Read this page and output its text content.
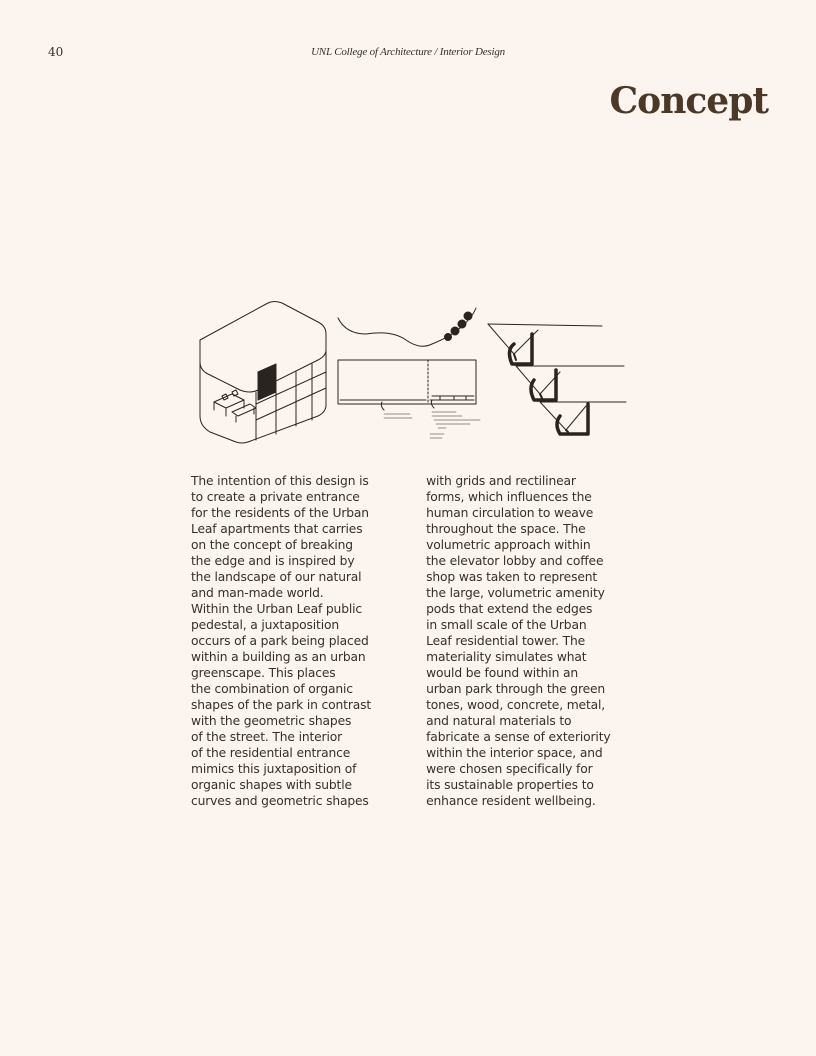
40	UNL College of Architecture / Interior Design
Concept

The intention of this design is
to create a private entrance
for the residents of the Urban
Leaf apartments that carries
on the concept of breaking
the edge and is inspired by
the landscape of our natural
and man-made world.
Within the Urban Leaf public
pedestal, a juxtaposition
occurs of a park being placed
within a building as an urban
greenscape. This places
the combination of organic
shapes of the park in contrast
with the geometric shapes
of the street. The interior
of the residential entrance
mimics this juxtaposition of
organic shapes with subtle
curves and geometric shapes

with grids and rectilinear
forms, which influences the
human circulation to weave
throughout the space. The
volumetric approach within
the elevator lobby and coffee
shop was taken to represent
the large, volumetric amenity
pods that extend the edges
in small scale of the Urban
Leaf residential tower. The
materiality simulates what
would be found within an
urban park through the green
tones, wood, concrete, metal,
and natural materials to
fabricate a sense of exteriority
within the interior space, and
were chosen specifically for
its sustainable properties to
enhance resident wellbeing.
